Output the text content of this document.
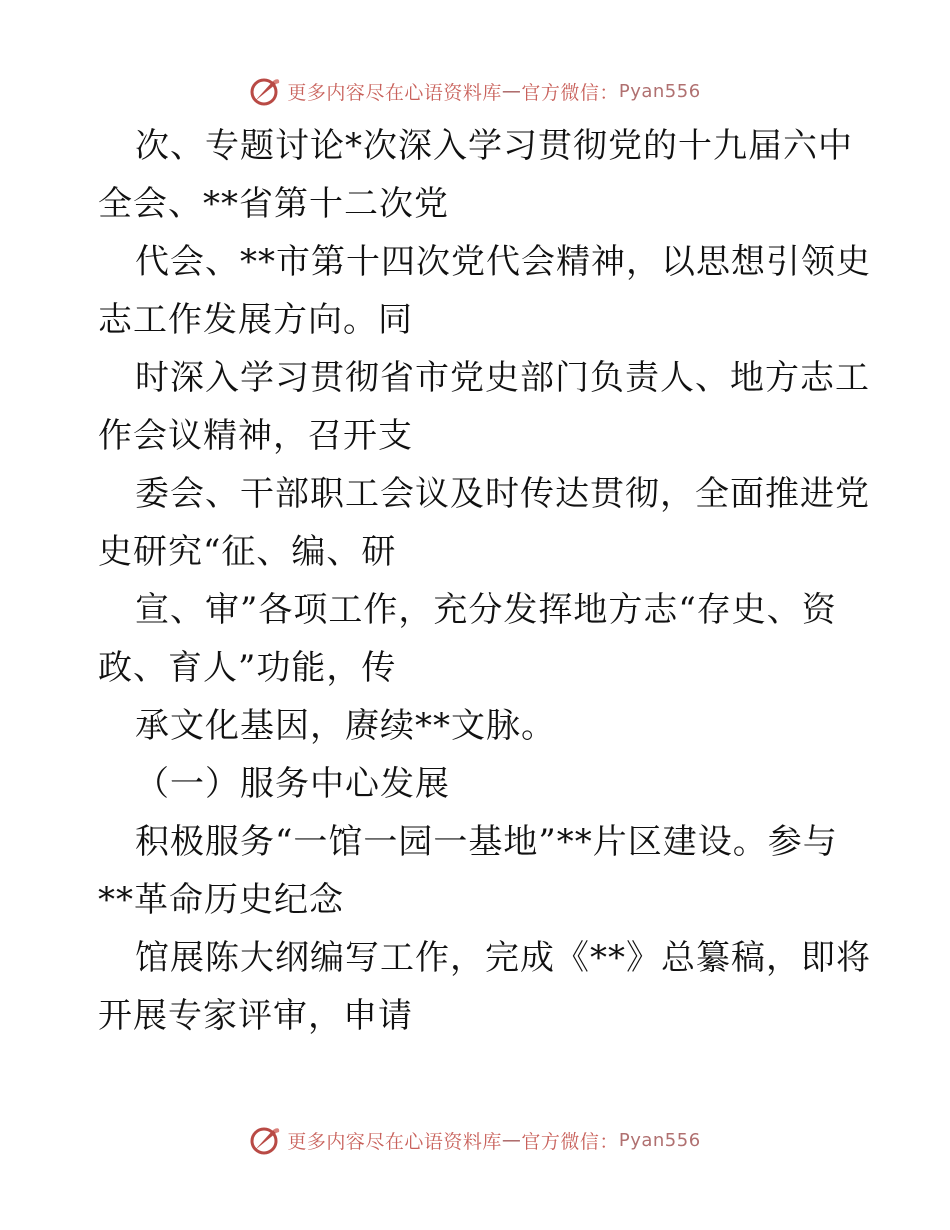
更多内容尽在心语资料库 — 官方微信： Pyan556
次、专题讨论*次深入学习贯彻党的十九届六中
全会、**省第十二次党
代会、**市第十四次党代会精神，以思想引领史
志工作发展方向。同
时深入学习贯彻省市党史部门负责人、地方志工
作会议精神，召开支
委会、干部职工会议及时传达贯彻，全面推进党
史研究“征、编、研
宣、审”各项工作，充分发挥地方志“存史、资
政、育人”功能，传
承文化基因，赓续**文脉。
（一）服务中心发展
积极服务“一馆一园一基地”**片区建设。参与
**革命历史纪念
馆展陈大纲编写工作，完成《**》总纂稿，即将
开展专家评审，申请
更多内容尽在心语资料库 — 官方微信： Pyan556
